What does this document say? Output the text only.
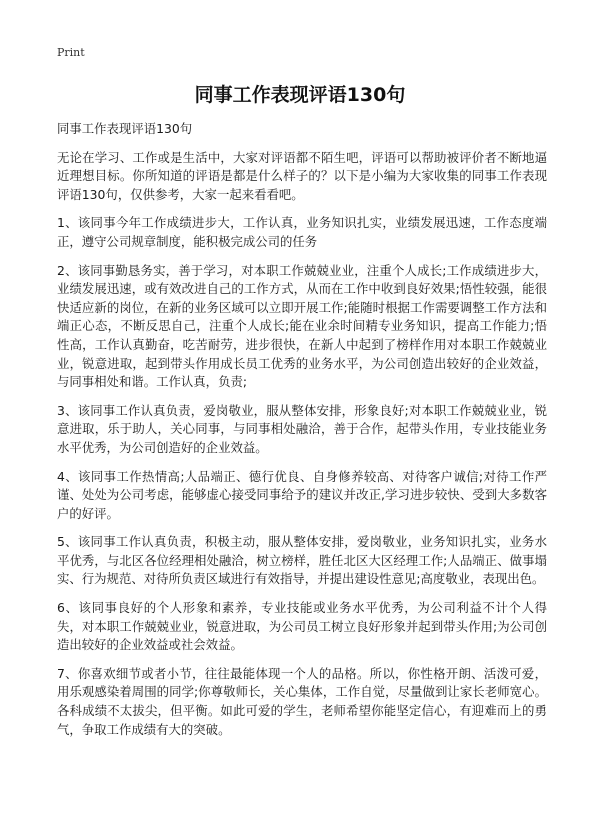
Print
同事工作表现评语130句

同事工作表现评语130句

无论在学习、工作或是生活中，大家对评语都不陌生吧，评语可以帮助被评价者不断地逼近理想目标。你所知道的评语是都是什么样子的？以下是小编为大家收集的同事工作表现评语130句，仅供参考，大家一起来看看吧。

1、该同事今年工作成绩进步大，工作认真，业务知识扎实，业绩发展迅速，工作态度端正，遵守公司规章制度，能积极完成公司的任务

2、该同事勤恳务实，善于学习，对本职工作兢兢业业，注重个人成长;工作成绩进步大，业绩发展迅速，或有效改进自己的工作方式，从而在工作中收到良好效果;悟性较强，能很快适应新的岗位，在新的业务区域可以立即开展工作;能随时根据工作需要调整工作方法和端正心态，不断反思自己，注重个人成长;能在业余时间精专业务知识，提高工作能力;悟性高，工作认真勤奋，吃苦耐劳，进步很快，在新人中起到了榜样作用对本职工作兢兢业业，锐意进取，起到带头作用成长员工优秀的业务水平，为公司创造出较好的企业效益，与同事相处和谐。工作认真，负责;

3、该同事工作认真负责，爱岗敬业，服从整体安排，形象良好;对本职工作兢兢业业，锐意进取，乐于助人，关心同事，与同事相处融洽，善于合作，起带头作用，专业技能业务水平优秀，为公司创造好的企业效益。

4、该同事工作热情高;人品端正、德行优良、自身修养较高、对待客户诚信;对待工作严谨、处处为公司考虑，能够虚心接受同事给予的建议并改正,学习进步较快、受到大多数客户的好评。

5、该同事工作认真负责，积极主动，服从整体安排，爱岗敬业，业务知识扎实，业务水平优秀，与北区各位经理相处融洽，树立榜样，胜任北区大区经理工作;人品端正、做事塌实、行为规范、对待所负责区域进行有效指导，并提出建设性意见;高度敬业，表现出色。

6、该同事良好的个人形象和素养，专业技能或业务水平优秀，为公司利益不计个人得失，对本职工作兢兢业业，锐意进取，为公司员工树立良好形象并起到带头作用;为公司创造出较好的企业效益或社会效益。

7、你喜欢细节或者小节，往往最能体现一个人的品格。所以，你性格开朗、活泼可爱，用乐观感染着周围的同学;你尊敬师长，关心集体，工作自觉，尽量做到让家长老师宽心。各科成绩不太拔尖，但平衡。如此可爱的学生，老师希望你能坚定信心，有迎难而上的勇气，争取工作成绩有大的突破。
